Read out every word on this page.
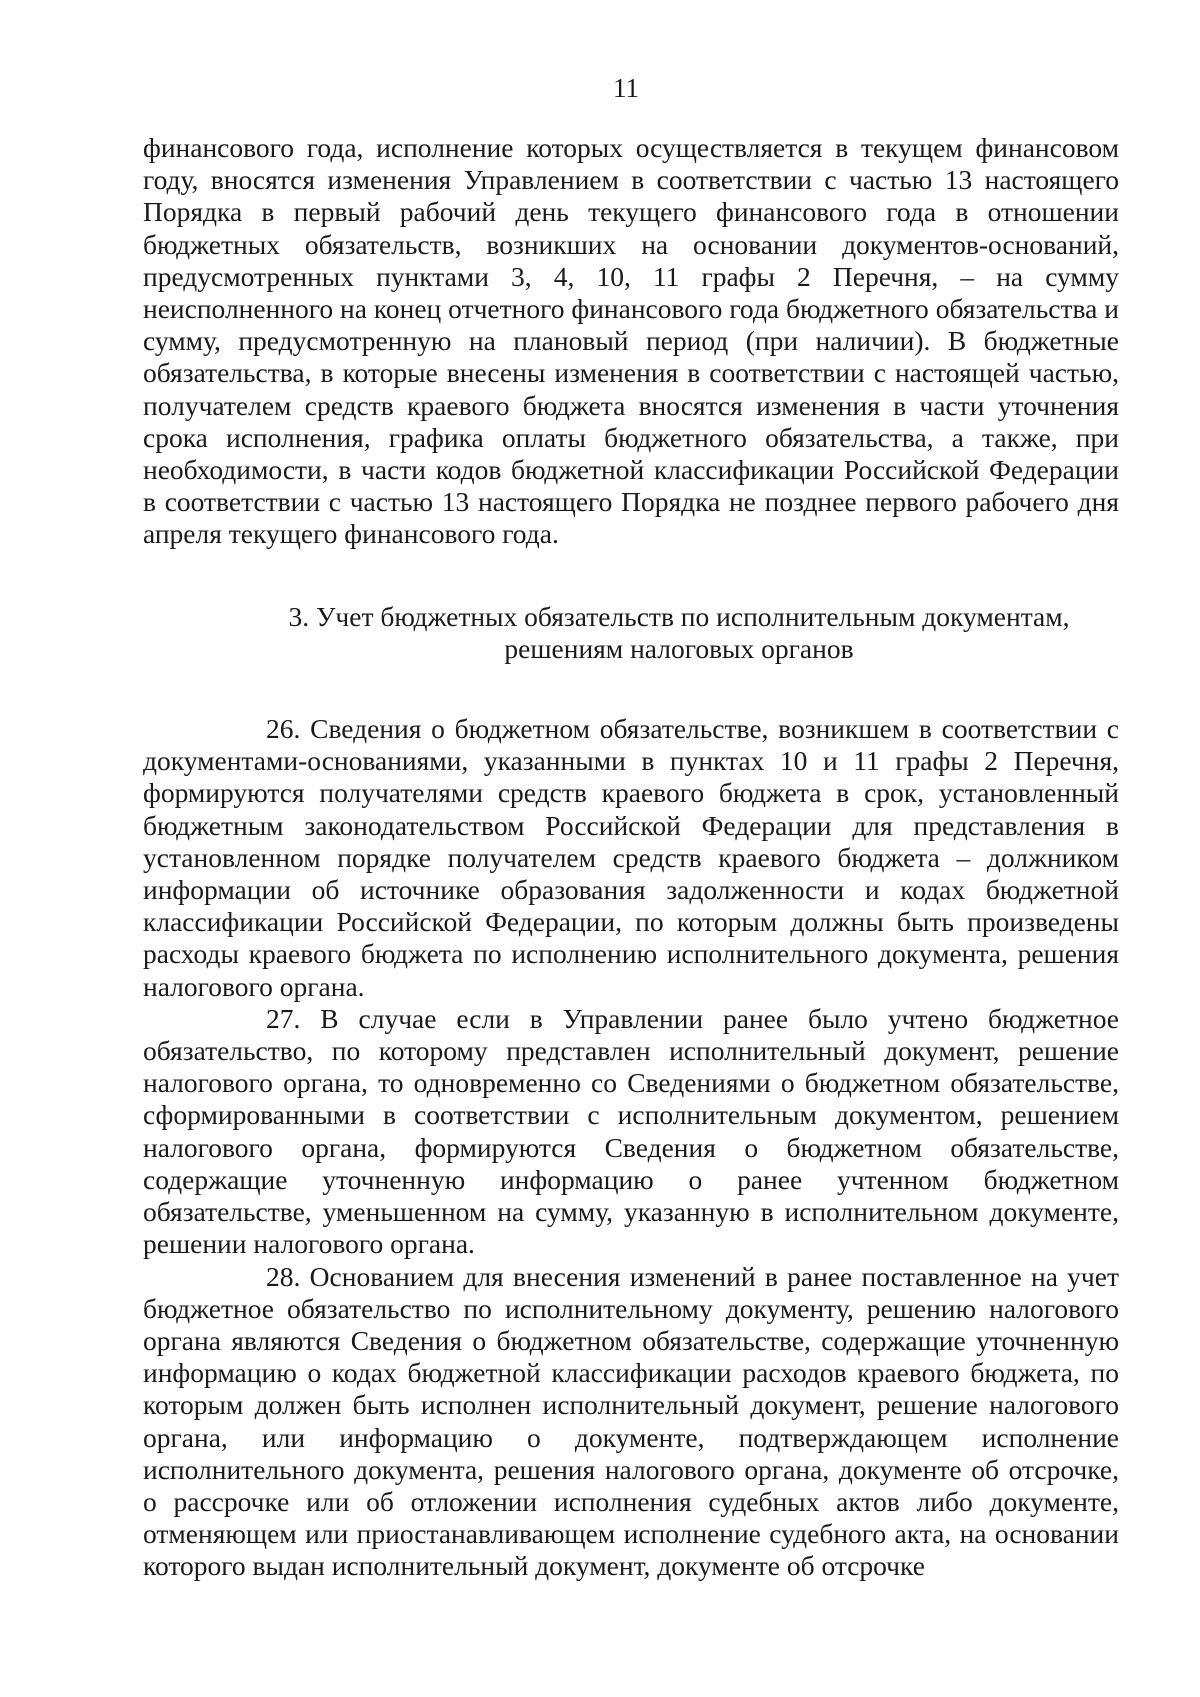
11

финансового года, исполнение которых осуществляется в текущем финансовом году, вносятся изменения Управлением в соответствии с частью 13 настоящего Порядка в первый рабочий день текущего финансового года в отношении бюджетных обязательств, возникших на основании документов-оснований, предусмотренных пунктами 3, 4, 10, 11 графы 2 Перечня, – на сумму неисполненного на конец отчетного финансового года бюджетного обязательства и сумму, предусмотренную на плановый период (при наличии). В бюджетные обязательства, в которые внесены изменения в соответствии с настоящей частью, получателем средств краевого бюджета вносятся изменения в части уточнения срока исполнения, графика оплаты бюджетного обязательства, а также, при необходимости, в части кодов бюджетной классификации Российской Федерации в соответствии с частью 13 настоящего Порядка не позднее первого рабочего дня апреля текущего финансового года.

3. Учет бюджетных обязательств по исполнительным документам,
решениям налоговых органов

26. Сведения о бюджетном обязательстве, возникшем в соответствии с документами-основаниями, указанными в пунктах 10 и 11 графы 2 Перечня, формируются получателями средств краевого бюджета в срок, установленный бюджетным законодательством Российской Федерации для представления в установленном порядке получателем средств краевого бюджета – должником информации об источнике образования задолженности и кодах бюджетной классификации Российской Федерации, по которым должны быть произведены расходы краевого бюджета по исполнению исполнительного документа, решения налогового органа.

27. В случае если в Управлении ранее было учтено бюджетное обязательство, по которому представлен исполнительный документ, решение налогового органа, то одновременно со Сведениями о бюджетном обязательстве, сформированными в соответствии с исполнительным документом, решением налогового органа, формируются Сведения о бюджетном обязательстве, содержащие уточненную информацию о ранее учтенном бюджетном обязательстве, уменьшенном на сумму, указанную в исполнительном документе, решении налогового органа.

28. Основанием для внесения изменений в ранее поставленное на учет бюджетное обязательство по исполнительному документу, решению налогового органа являются Сведения о бюджетном обязательстве, содержащие уточненную информацию о кодах бюджетной классификации расходов краевого бюджета, по которым должен быть исполнен исполнительный документ, решение налогового органа, или информацию о документе, подтверждающем исполнение исполнительного документа, решения налогового органа, документе об отсрочке, о рассрочке или об отложении исполнения судебных актов либо документе, отменяющем или приостанавливающем исполнение судебного акта, на основании которого выдан исполнительный документ, документе об отсрочке
